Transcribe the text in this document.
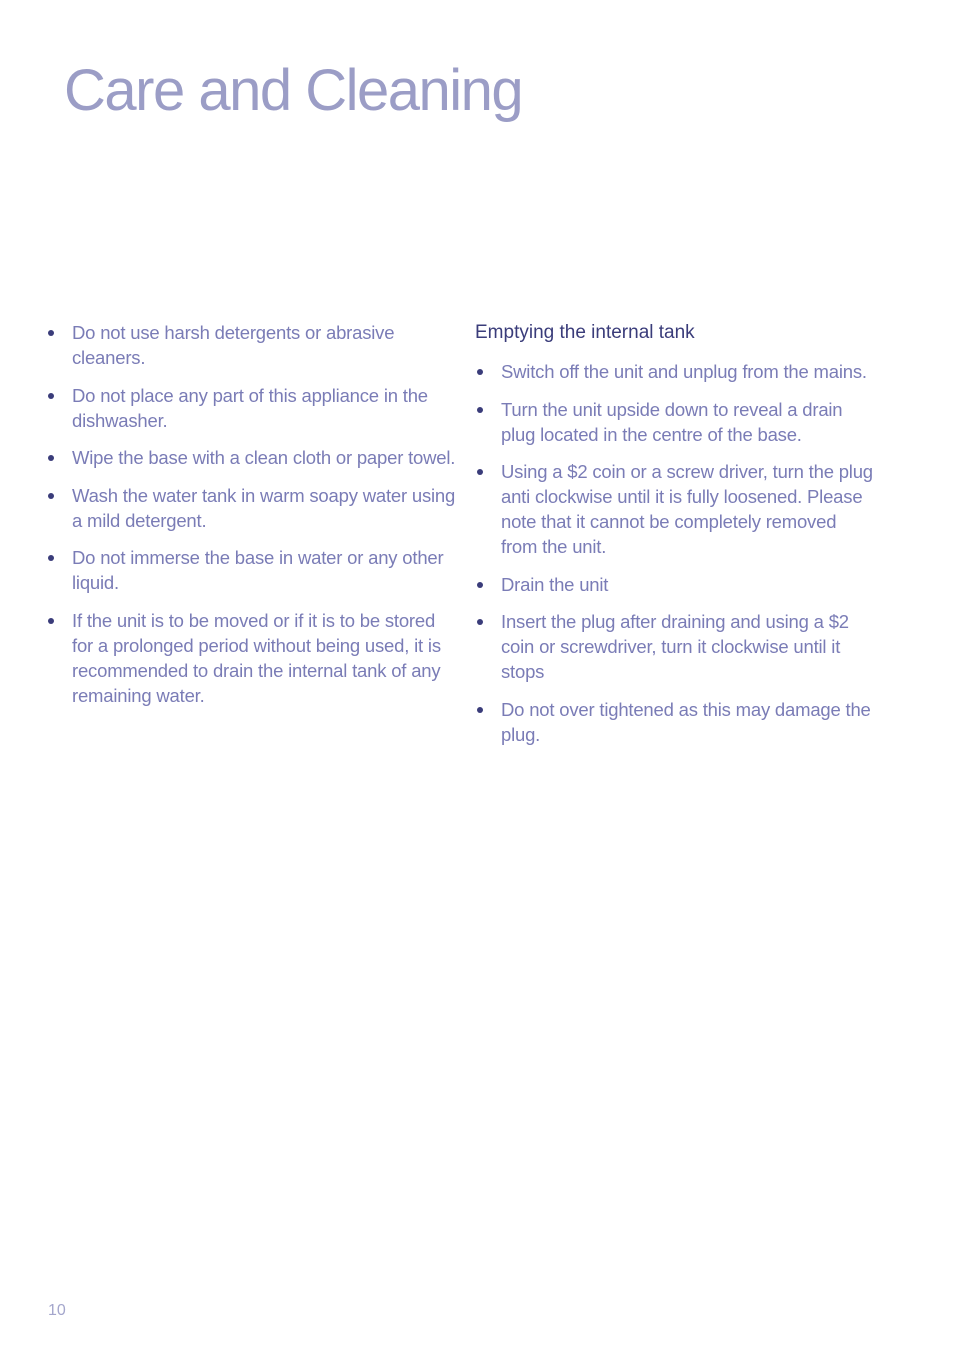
Care and Cleaning
Do not use harsh detergents or abrasive cleaners.
Do not place any part of this appliance in the dishwasher.
Wipe the base with a clean cloth or paper towel.
Wash the water tank in warm soapy water using a mild detergent.
Do not immerse the base in water or any other liquid.
If the unit is to be moved or if it is to be stored for a prolonged period without being used, it is recommended to drain the internal tank of any remaining water.
Emptying the internal tank
Switch off the unit and unplug from the mains.
Turn the unit upside down to reveal a drain plug located in the centre of the base.
Using a $2 coin or a screw driver, turn the plug anti clockwise until it is fully loosened. Please note that it cannot be completely removed from the unit.
Drain the unit
Insert the plug after draining and using a $2 coin or screwdriver, turn it clockwise until it stops
Do not over tightened as this may damage the plug.
10
